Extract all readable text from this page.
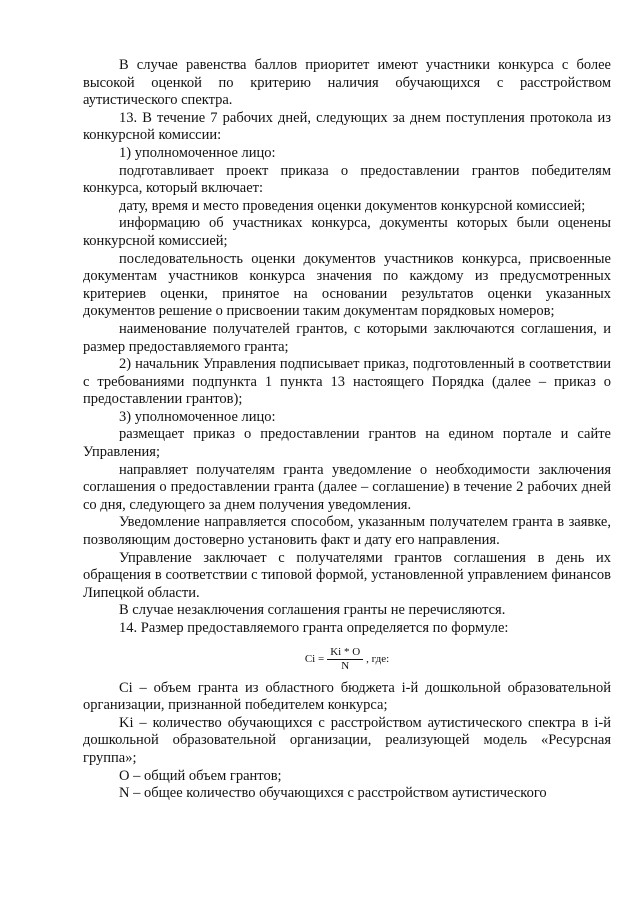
В случае равенства баллов приоритет имеют участники конкурса с более высокой оценкой по критерию наличия обучающихся с расстройством аутистического спектра.

13. В течение 7 рабочих дней, следующих за днем поступления протокола из конкурсной комиссии:

1) уполномоченное лицо:

подготавливает проект приказа о предоставлении грантов победителям конкурса, который включает:

дату, время и место проведения оценки документов конкурсной комиссией;

информацию об участниках конкурса, документы которых были оценены конкурсной комиссией;

последовательность оценки документов участников конкурса, присвоенные документам участников конкурса значения по каждому из предусмотренных критериев оценки, принятое на основании результатов оценки указанных документов решение о присвоении таким документам порядковых номеров;

наименование получателей грантов, с которыми заключаются соглашения, и размер предоставляемого гранта;

2) начальник Управления подписывает приказ, подготовленный в соответствии с требованиями подпункта 1 пункта 13 настоящего Порядка (далее – приказ о предоставлении грантов);

3) уполномоченное лицо:

размещает приказ о предоставлении грантов на едином портале и сайте Управления;

направляет получателям гранта уведомление о необходимости заключения соглашения о предоставлении гранта (далее – соглашение) в течение 2 рабочих дней со дня, следующего за днем получения уведомления.

Уведомление направляется способом, указанным получателем гранта в заявке, позволяющим достоверно установить факт и дату его направления.

Управление заключает с получателями грантов соглашения в день их обращения в соответствии с типовой формой, установленной управлением финансов Липецкой области.

В случае незаключения соглашения гранты не перечисляются.

14. Размер предоставляемого гранта определяется по формуле:

$Ci = \frac{Ki * O}{N}$ , где:

Ci – объем гранта из областного бюджета i-й дошкольной образовательной организации, признанной победителем конкурса;

Ki – количество обучающихся с расстройством аутистического спектра в i-й дошкольной образовательной организации, реализующей модель «Ресурсная группа»;

O – общий объем грантов;

N – общее количество обучающихся с расстройством аутистического
